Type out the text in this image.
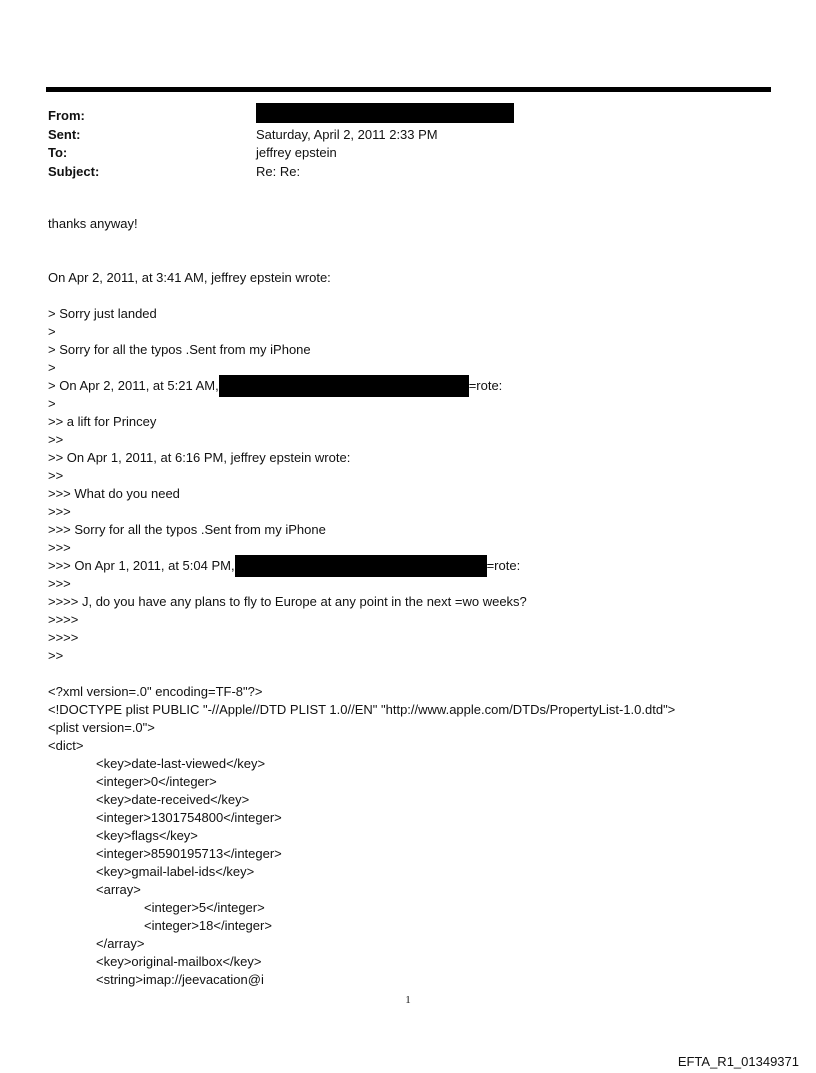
From:
Sent:	Saturday, April 2, 2011 2:33 PM
To:	jeffrey epstein
Subject:	Re: Re:
thanks anyway!
On Apr 2, 2011, at 3:41 AM, jeffrey epstein wrote:
> Sorry just landed
>
> Sorry for all the typos .Sent from my iPhone
>
> On Apr 2, 2011, at 5:21 AM,	=rote:
>
>> a lift for Princey
>>
>> On Apr 1, 2011, at 6:16 PM, jeffrey epstein wrote:
>>
>>> What do you need
>>>
>>> Sorry for all the typos .Sent from my iPhone
>>>
>>> On Apr 1, 2011, at 5:04 PM,	=rote:
>>>
>>>> J, do you have any plans to fly to Europe at any point in the next =wo weeks?
>>>>
>>>>
>>
<?xml version=.0" encoding=TF-8"?>
<!DOCTYPE plist PUBLIC "-//Apple//DTD PLIST 1.0//EN" "http://www.apple.com/DTDs/PropertyList-1.0.dtd">
<plist version=.0">
<dict>
<key>date-last-viewed</key>
<integer>0</integer>
<key>date-received</key>
<integer>1301754800</integer>
<key>flags</key>
<integer>8590195713</integer>
<key>gmail-label-ids</key>
<array>
<integer>5</integer>
<integer>18</integer>
</array>
<key>original-mailbox</key>
<string>imap://jeevacation@i
1
EFTA_R1_01349371
